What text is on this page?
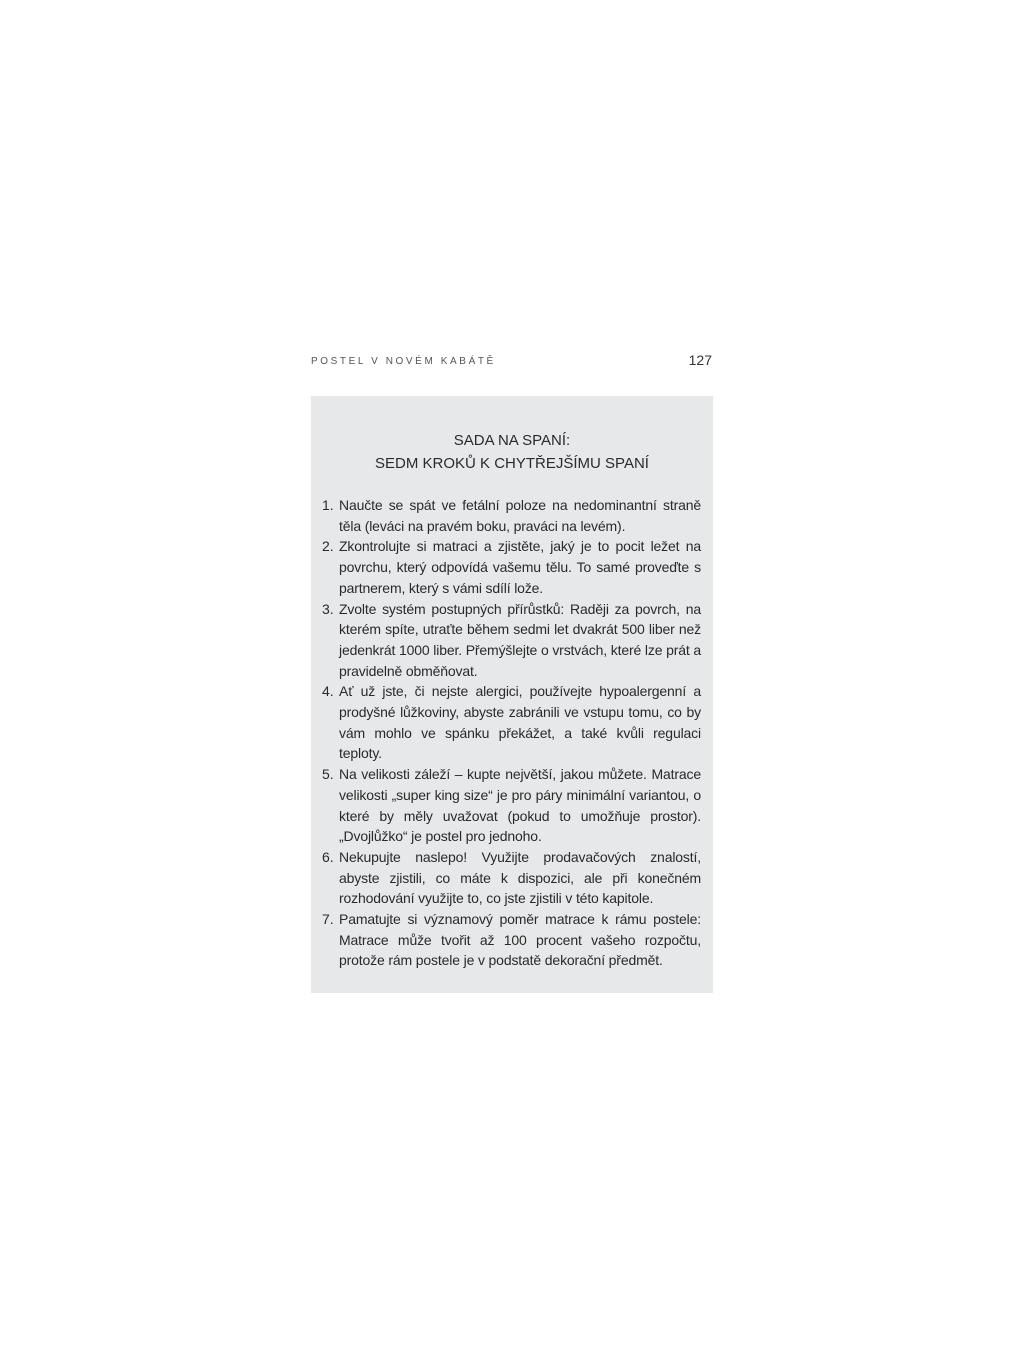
POSTEL V NOVÉM KABÁTĚ	127
SADA NA SPANÍ:
SEDM KROKŮ K CHYTŘEJŠÍMU SPANÍ
1. Naučte se spát ve fetální poloze na nedominantní straně těla (leváci na pravém boku, praváci na levém).
2. Zkontrolujte si matraci a zjistěte, jaký je to pocit ležet na povrchu, který odpovídá vašemu tělu. To samé proveďte s partnerem, který s vámi sdílí lože.
3. Zvolte systém postupných přírůstků: Raději za povrch, na kterém spíte, utraťte během sedmi let dvakrát 500 liber než jedenkrát 1000 liber. Přemýšlejte o vrstvách, které lze prát a pravidelně obměňovat.
4. Ať už jste, či nejste alergici, používejte hypoalergenní a prodyšné lůžkoviny, abyste zabránili ve vstupu tomu, co by vám mohlo ve spánku překážet, a také kvůli regulaci teploty.
5. Na velikosti záleží – kupte největší, jakou můžete. Matrace velikosti „super king size“ je pro páry minimální variantou, o které by měly uvažovat (pokud to umožňuje prostor). „Dvojlůžko“ je postel pro jednoho.
6. Nekupujte naslepo! Využijte prodavačových znalostí, abyste zjistili, co máte k dispozici, ale při konečném rozhodování využijte to, co jste zjistili v této kapitole.
7. Pamatujte si významový poměr matrace k rámu postele: Matrace může tvořit až 100 procent vašeho rozpočtu, protože rám postele je v podstatě dekorační předmět.
